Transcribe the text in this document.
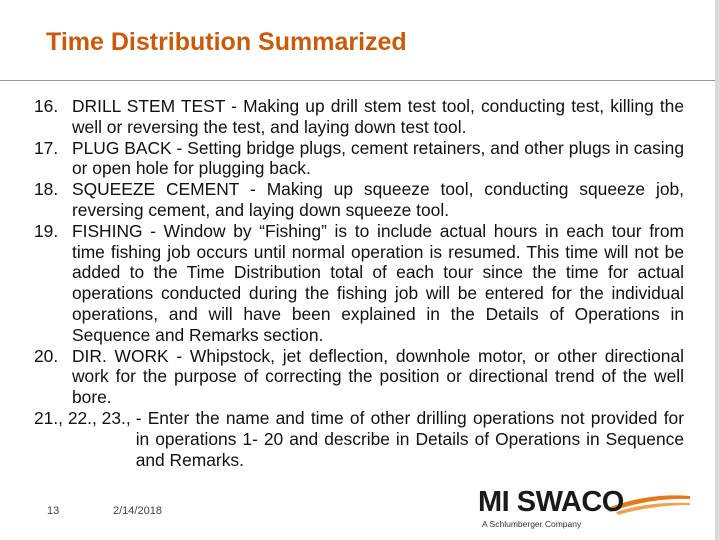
Time Distribution Summarized
16. DRILL STEM TEST - Making up drill stem test tool, conducting test, killing the well or reversing the test, and laying down test tool.
17. PLUG BACK - Setting bridge plugs, cement retainers, and other plugs in casing or open hole for plugging back.
18. SQUEEZE CEMENT - Making up squeeze tool, conducting squeeze job, reversing cement, and laying down squeeze tool.
19. FISHING - Window by “Fishing” is to include actual hours in each tour from time fishing job occurs until normal operation is resumed. This time will not be added to the Time Distribution total of each tour since the time for actual operations conducted during the fishing job will be entered for the individual operations, and will have been explained in the Details of Operations in Sequence and Remarks section.
20. DIR. WORK - Whipstock, jet deflection, downhole motor, or other directional work for the purpose of correcting the position or directional trend of the well bore.
21., 22., 23., - Enter the name and time of other drilling operations not provided for in operations 1- 20 and describe in Details of Operations in Sequence and Remarks.
13	2/14/2018	MI SWACO
A Schlumberger Company
